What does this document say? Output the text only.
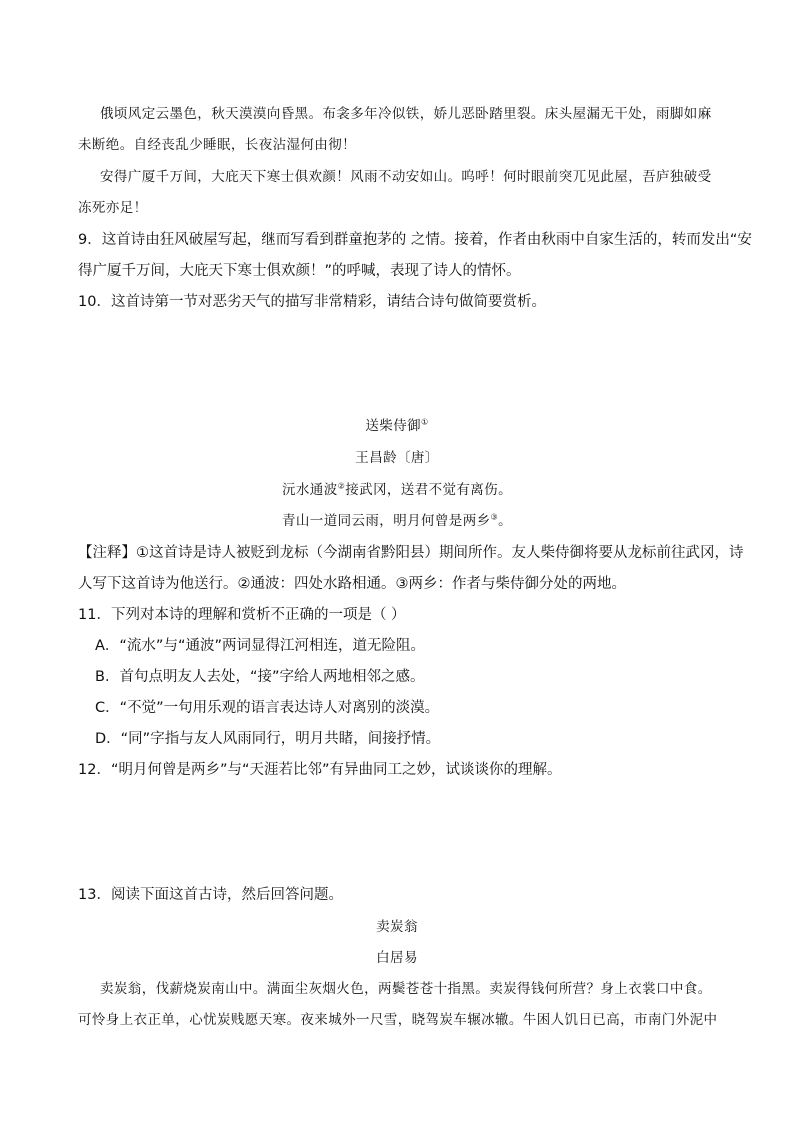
俄顷风定云墨色，秋天漠漠向昏黑。布衾多年冷似铁，娇儿恶卧踏里裂。床头屋漏无干处，雨脚如麻
未断绝。自经丧乱少睡眠，长夜沾湿何由彻！
安得广厦千万间，大庇天下寒士俱欢颜！风雨不动安如山。呜呼！何时眼前突兀见此屋，吾庐独破受
冻死亦足！
9．这首诗由狂风破屋写起，继而写看到群童抱茅的 之情。接着，作者由秋雨中自家生活的，转而发出“安
得广厦千万间，大庇天下寒士俱欢颜！”的呼喊，表现了诗人的情怀。
10．这首诗第一节对恶劣天气的描写非常精彩，请结合诗句做简要赏析。
送柴侍御①
王昌龄〔唐〕
沅水通波②接武冈，送君不觉有离伤。
青山一道同云雨，明月何曾是两乡③。
【注释】①这首诗是诗人被贬到龙标（今湖南省黔阳县）期间所作。友人柴侍御将要从龙标前往武冈，诗
人写下这首诗为他送行。②通波：四处水路相通。③两乡：作者与柴侍御分处的两地。
11．下列对本诗的理解和赏析不正确的一项是（ ）
A．“流水”与“通波”两词显得江河相连，道无险阻。
B．首句点明友人去处，“接”字给人两地相邻之感。
C．“不觉”一句用乐观的语言表达诗人对离别的淡漠。
D．“同”字指与友人风雨同行，明月共睹，间接抒情。
12．“明月何曾是两乡”与“天涯若比邻”有异曲同工之妙，试谈谈你的理解。
13．阅读下面这首古诗，然后回答问题。
卖炭翁
白居易
卖炭翁，伐薪烧炭南山中。满面尘灰烟火色，两鬓苍苍十指黑。卖炭得钱何所营？身上衣裳口中食。
可怜身上衣正单，心忧炭贱愿天寒。夜来城外一尺雪，晓驾炭车辗冰辙。牛困人饥日已高，市南门外泥中
